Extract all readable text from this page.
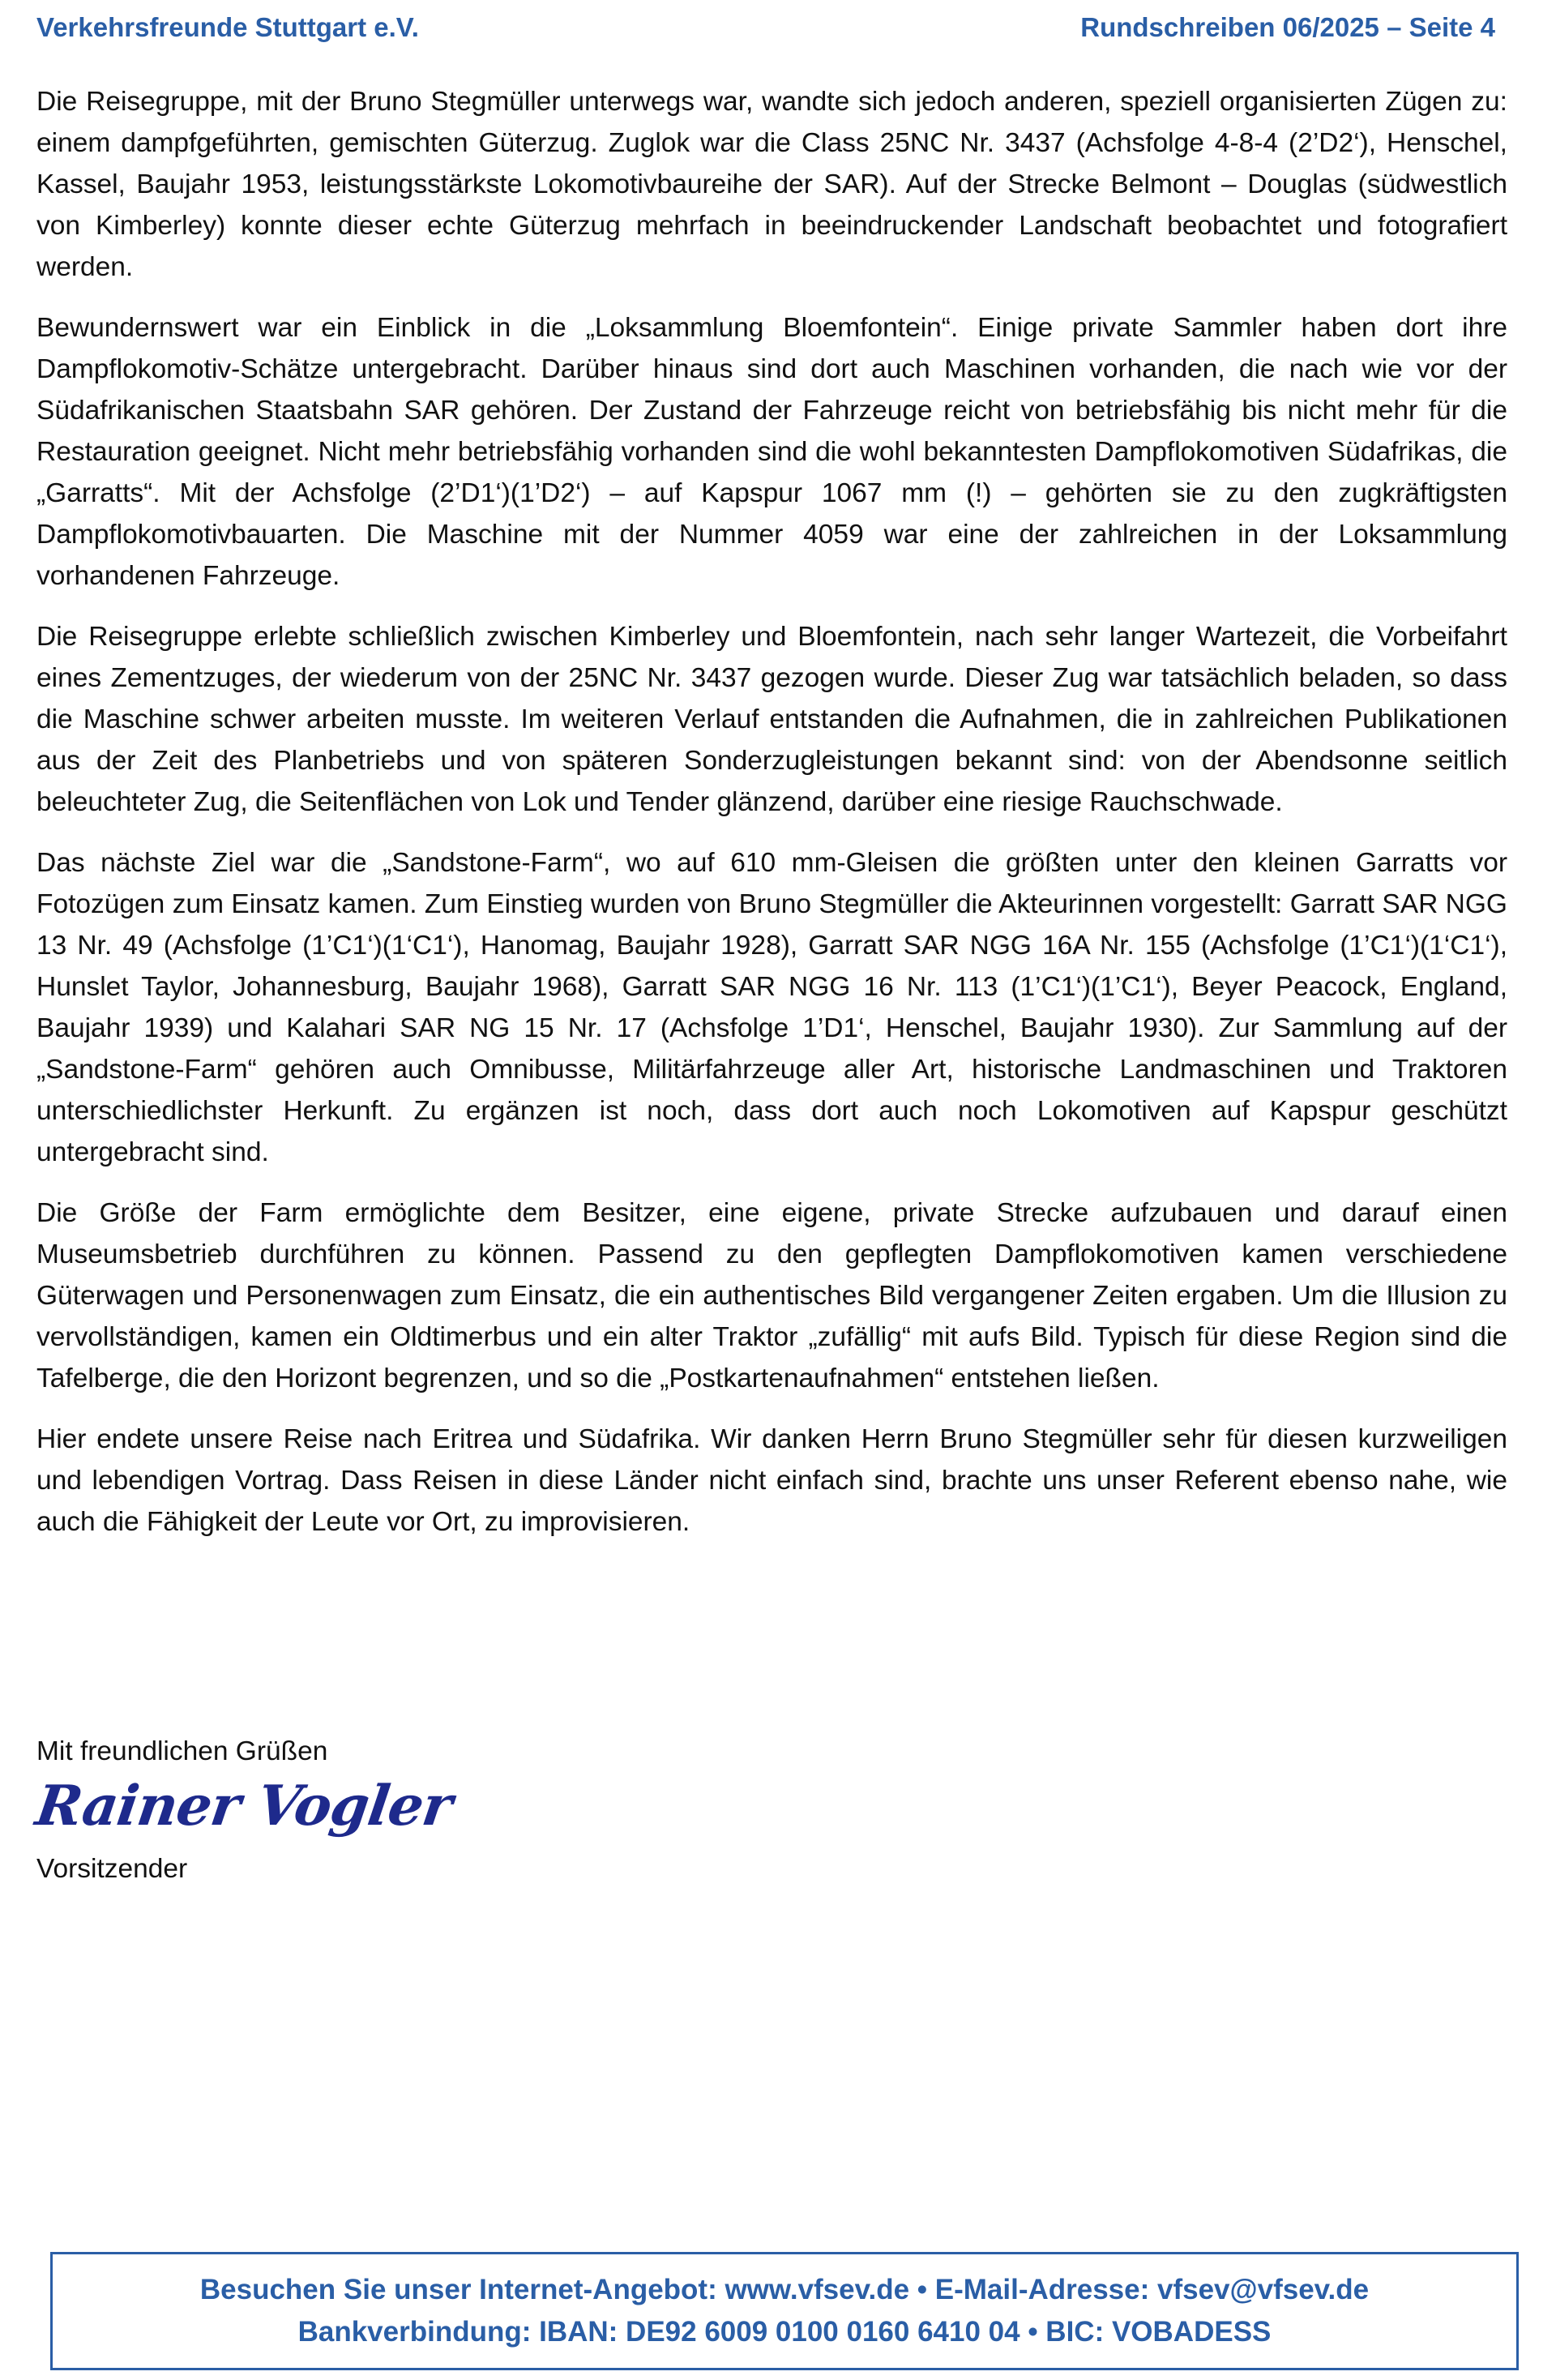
Verkehrsfreunde Stuttgart e.V.	Rundschreiben 06/2025 – Seite 4

Die Reisegruppe, mit der Bruno Stegmüller unterwegs war, wandte sich jedoch anderen, speziell organisierten Zügen zu: einem dampfgeführten, gemischten Güterzug. Zuglok war die Class 25NC Nr. 3437 (Achsfolge 4-8-4 (2’D2‘), Henschel, Kassel, Baujahr 1953, leistungsstärkste Lokomotivbaureihe der SAR). Auf der Strecke Belmont – Douglas (südwestlich von Kimberley) konnte dieser echte Güterzug mehrfach in beeindruckender Landschaft beobachtet und fotografiert werden.

Bewundernswert war ein Einblick in die „Loksammlung Bloemfontein“. Einige private Sammler haben dort ihre Dampflokomotiv-Schätze untergebracht. Darüber hinaus sind dort auch Maschinen vorhanden, die nach wie vor der Südafrikanischen Staatsbahn SAR gehören. Der Zustand der Fahrzeuge reicht von betriebsfähig bis nicht mehr für die Restauration geeignet. Nicht mehr betriebsfähig vorhanden sind die wohl bekanntesten Dampflokomotiven Südafrikas, die „Garratts“. Mit der Achsfolge (2’D1‘)(1’D2‘) – auf Kapspur 1067 mm (!) – gehörten sie zu den zugkräftigsten Dampflokomotivbauarten. Die Maschine mit der Nummer 4059 war eine der zahlreichen in der Loksammlung vorhandenen Fahrzeuge.

Die Reisegruppe erlebte schließlich zwischen Kimberley und Bloemfontein, nach sehr langer Wartezeit, die Vorbeifahrt eines Zementzuges, der wiederum von der 25NC Nr. 3437 gezogen wurde. Dieser Zug war tatsächlich beladen, so dass die Maschine schwer arbeiten musste. Im weiteren Verlauf entstanden die Aufnahmen, die in zahlreichen Publikationen aus der Zeit des Planbetriebs und von späteren Sonderzugleistungen bekannt sind: von der Abendsonne seitlich beleuchteter Zug, die Seitenflächen von Lok und Tender glänzend, darüber eine riesige Rauchschwade.

Das nächste Ziel war die „Sandstone-Farm“, wo auf 610 mm-Gleisen die größten unter den kleinen Garratts vor Fotozügen zum Einsatz kamen. Zum Einstieg wurden von Bruno Stegmüller die Akteurinnen vorgestellt: Garratt SAR NGG 13 Nr. 49 (Achsfolge (1’C1‘)(1‘C1‘), Hanomag, Baujahr 1928), Garratt SAR NGG 16A Nr. 155 (Achsfolge (1’C1‘)(1‘C1‘), Hunslet Taylor, Johannesburg, Baujahr 1968), Garratt SAR NGG 16 Nr. 113 (1’C1‘)(1’C1‘), Beyer Peacock, England, Baujahr 1939) und Kalahari SAR NG 15 Nr. 17 (Achsfolge 1’D1‘, Henschel, Baujahr 1930). Zur Sammlung auf der „Sandstone-Farm“ gehören auch Omnibusse, Militärfahrzeuge aller Art, historische Landmaschinen und Traktoren unterschiedlichster Herkunft. Zu ergänzen ist noch, dass dort auch noch Lokomotiven auf Kapspur geschützt untergebracht sind.

Die Größe der Farm ermöglichte dem Besitzer, eine eigene, private Strecke aufzubauen und darauf einen Museumsbetrieb durchführen zu können. Passend zu den gepflegten Dampflokomotiven kamen verschiedene Güterwagen und Personenwagen zum Einsatz, die ein authentisches Bild vergangener Zeiten ergaben. Um die Illusion zu vervollständigen, kamen ein Oldtimerbus und ein alter Traktor „zufällig“ mit aufs Bild. Typisch für diese Region sind die Tafelberge, die den Horizont begrenzen, und so die „Postkartenaufnahmen“ entstehen ließen.

Hier endete unsere Reise nach Eritrea und Südafrika. Wir danken Herrn Bruno Stegmüller sehr für diesen kurzweiligen und lebendigen Vortrag. Dass Reisen in diese Länder nicht einfach sind, brachte uns unser Referent ebenso nahe, wie auch die Fähigkeit der Leute vor Ort, zu improvisieren.

Mit freundlichen Grüßen
Rainer Vogler
Vorsitzender
Besuchen Sie unser Internet-Angebot: www.vfsev.de • E-Mail-Adresse: vfsev@vfsev.de
Bankverbindung: IBAN: DE92 6009 0100 0160 6410 04 • BIC: VOBADESS
